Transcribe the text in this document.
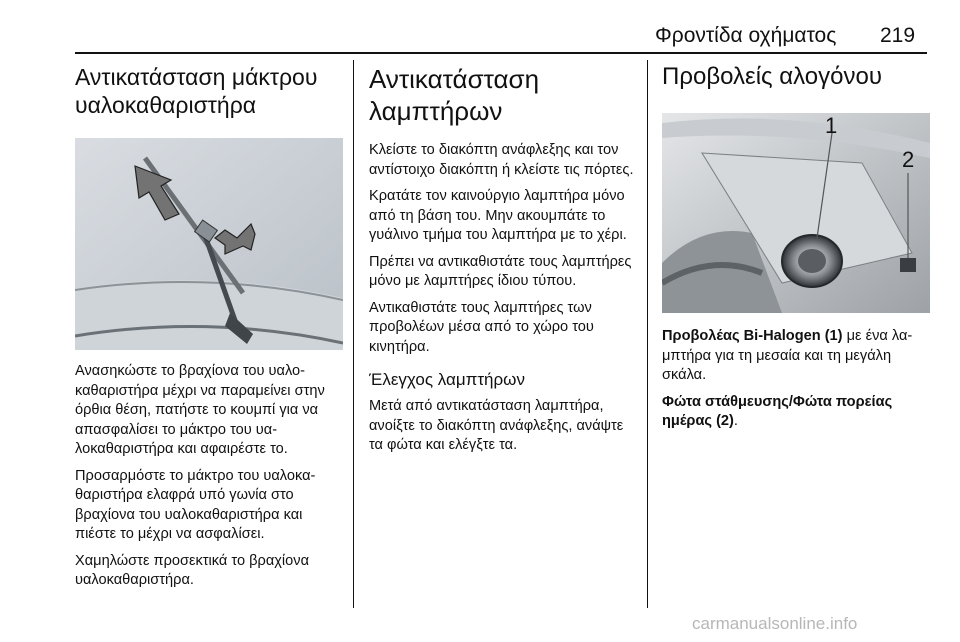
Φροντίδα οχήματος 219
Αντικατάσταση μάκτρου υαλοκαθαριστήρα

Ανασηκώστε το βραχίονα του υαλοκαθαριστήρα μέχρι να παραμείνει στην όρθια θέση, πατήστε το κουμπί για να απασφαλίσει το μάκτρο του υαλοκαθαριστήρα και αφαιρέστε το.

Προσαρμόστε το μάκτρο του υαλοκαθαριστήρα ελαφρά υπό γωνία στο βραχίονα του υαλοκαθαριστήρα και πιέστε το μέχρι να ασφαλίσει.

Χαμηλώστε προσεκτικά το βραχίονα υαλοκαθαριστήρα.

Αντικατάσταση λαμπτήρων

Κλείστε το διακόπτη ανάφλεξης και τον αντίστοιχο διακόπτη ή κλείστε τις πόρτες.

Κρατάτε τον καινούργιο λαμπτήρα μόνο από τη βάση του. Μην ακουμπάτε το γυάλινο τμήμα του λαμπτήρα με το χέρι.

Πρέπει να αντικαθιστάτε τους λαμπτήρες μόνο με λαμπτήρες ίδιου τύπου.

Αντικαθιστάτε τους λαμπτήρες των προβολέων μέσα από το χώρο του κινητήρα.

Έλεγχος λαμπτήρων

Μετά από αντικατάσταση λαμπτήρα, ανοίξτε το διακόπτη ανάφλεξης, ανάψτε τα φώτα και ελέγξτε τα.

Προβολείς αλογόνου
1
2

Προβολέας Bi-Halogen (1) με ένα λαμπτήρα για τη μεσαία και τη μεγάλη σκάλα.

Φώτα στάθμευσης/Φώτα πορείας ημέρας (2).

carmanualsonline.info
